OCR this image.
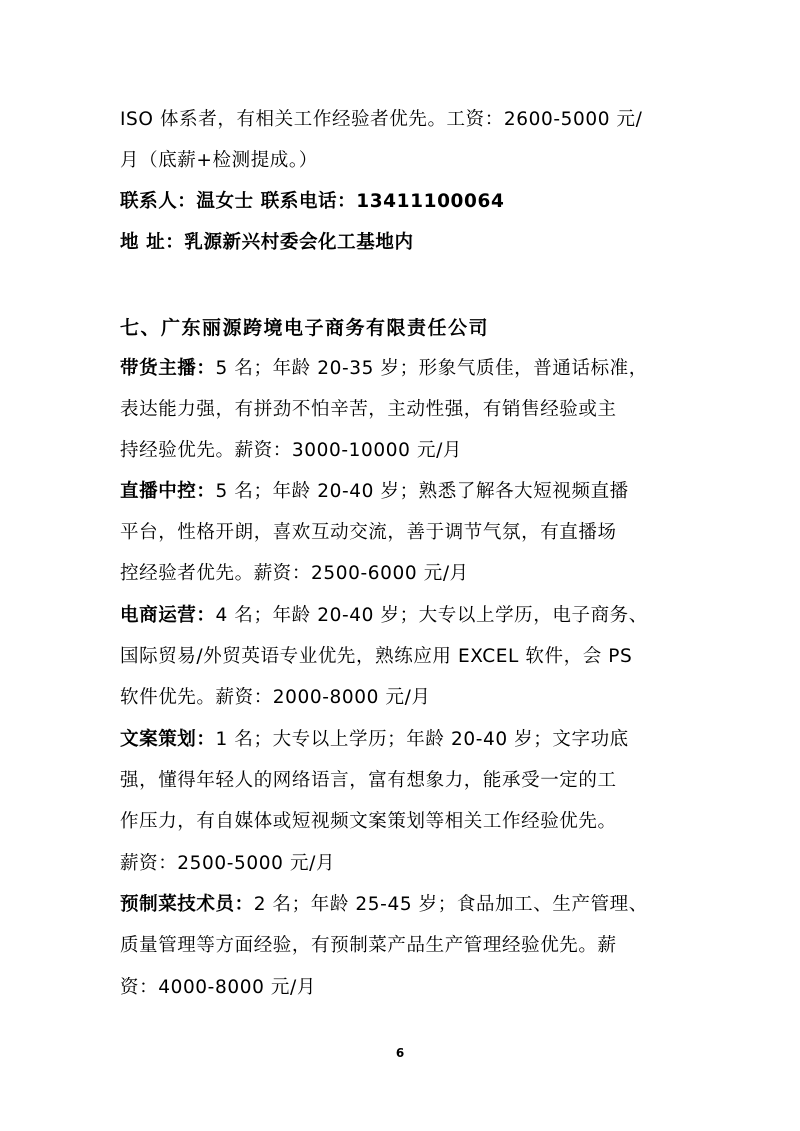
ISO 体系者，有相关工作经验者优先。工资：2600-5000 元/
月（底薪+检测提成。）
联系人：温女士 联系电话：13411100064
地 址：乳源新兴村委会化工基地内
七、广东丽源跨境电子商务有限责任公司
带货主播：5 名；年龄 20-35 岁；形象气质佳，普通话标准，
表达能力强，有拼劲不怕辛苦，主动性强，有销售经验或主
持经验优先。薪资：3000-10000 元/月
直播中控：5 名；年龄 20-40 岁；熟悉了解各大短视频直播
平台，性格开朗，喜欢互动交流，善于调节气氛，有直播场
控经验者优先。薪资：2500-6000 元/月
电商运营：4 名；年龄 20-40 岁；大专以上学历，电子商务、
国际贸易/外贸英语专业优先，熟练应用 EXCEL 软件，会 PS
软件优先。薪资：2000-8000 元/月
文案策划：1 名；大专以上学历；年龄 20-40 岁；文字功底
强，懂得年轻人的网络语言，富有想象力，能承受一定的工
作压力，有自媒体或短视频文案策划等相关工作经验优先。
薪资：2500-5000 元/月
预制菜技术员：2 名；年龄 25-45 岁；食品加工、生产管理、
质量管理等方面经验，有预制菜产品生产管理经验优先。薪
资：4000-8000 元/月
6
